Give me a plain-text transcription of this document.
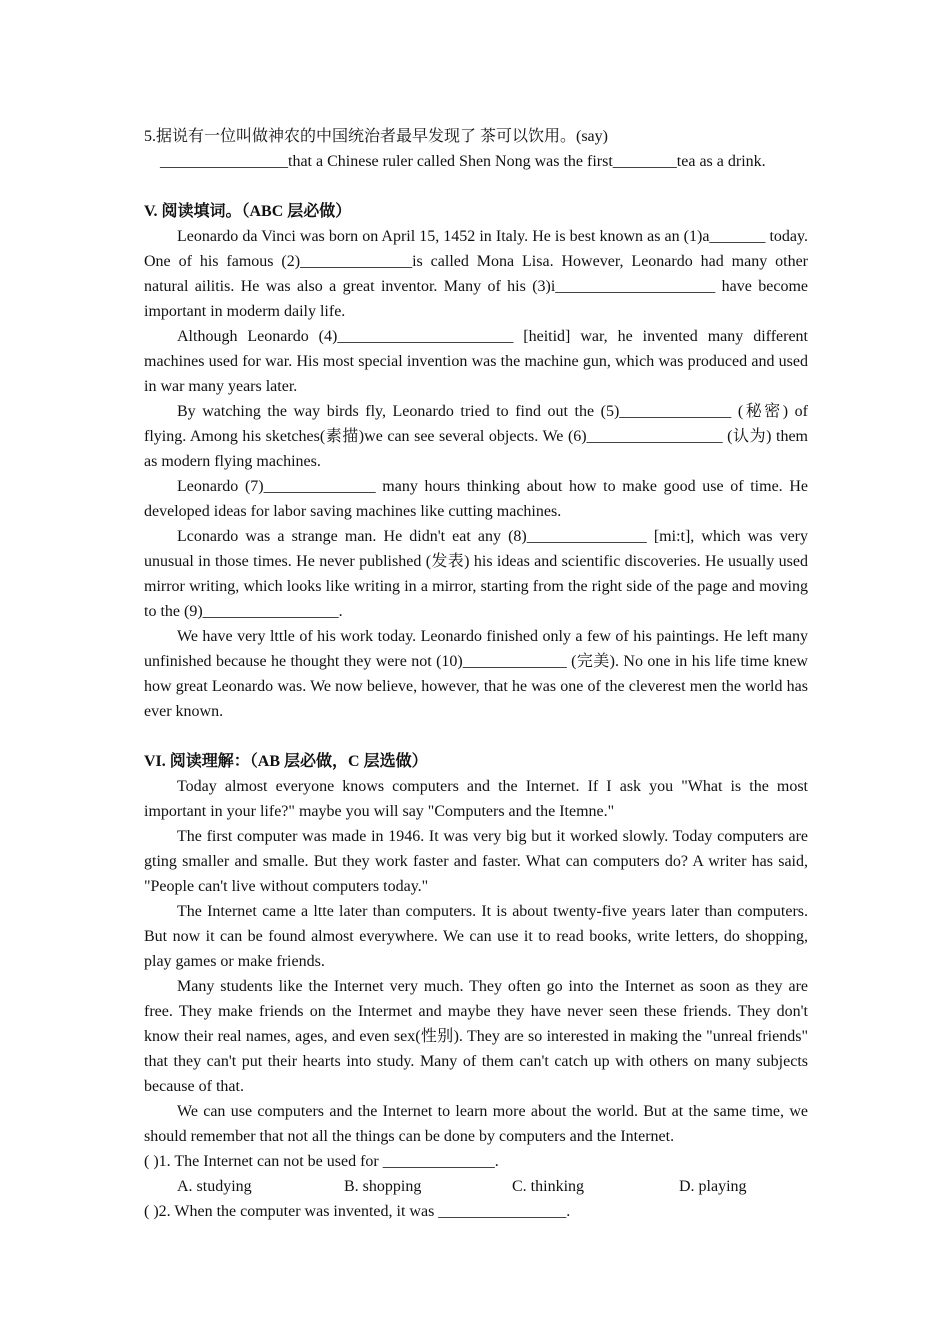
5.据说有一位叫做神农的中国统治者最早发现了 茶可以饮用。(say)
________________that a Chinese ruler called Shen Nong was the first________tea as a drink.
V. 阅读填词。（ABC 层必做）
Leonardo da Vinci was born on April 15, 1452 in Italy. He is best known as an (1)a_______ today. One of his famous (2)______________is called Mona Lisa. However, Leonardo had many other natural ailitis. He was also a great inventor. Many of his (3)i____________________ have become important in moderm daily life.
Although Leonardo (4)______________________ [heitid] war, he invented many different machines used for war. His most special invention was the machine gun, which was produced and used in war many years later.
By watching the way birds fly, Leonardo tried to find out the (5)______________ (秘密) of flying. Among his sketches(素描)we can see several objects. We (6)_________________ (认为) them as modern flying machines.
Leonardo (7)______________ many hours thinking about how to make good use of time. He developed ideas for labor saving machines like cutting machines.
Lconardo was a strange man. He didn't eat any (8)_______________ [mi:t], which was very unusual in those times. He never published (发表) his ideas and scientific discoveries. He usually used mirror writing, which looks like writing in a mirror, starting from the right side of the page and moving to the (9)_________________.
We have very lttle of his work today. Leonardo finished only a few of his paintings. He left many unfinished because he thought they were not (10)_____________ (完美). No one in his life time knew how great Leonardo was. We now believe, however, that he was one of the cleverest men the world has ever known.
VI. 阅读理解：（AB 层必做，C 层选做）
Today almost everyone knows computers and the Internet. If I ask you "What is the most important in your life?" maybe you will say "Computers and the Itemne."
The first computer was made in 1946. It was very big but it worked slowly. Today computers are gting smaller and smalle. But they work faster and faster. What can computers do? A writer has said, "People can't live without computers today."
The Internet came a ltte later than computers. It is about twenty-five years later than computers. But now it can be found almost everywhere. We can use it to read books, write letters, do shopping, play games or make friends.
Many students like the Internet very much. They often go into the Internet as soon as they are free. They make friends on the Intermet and maybe they have never seen these friends. They don't know their real names, ages, and even sex(性别). They are so interested in making the "unreal friends" that they can't put their hearts into study. Many of them can't catch up with others on many subjects because of that.
We can use computers and the Internet to learn more about the world. But at the same time, we should remember that not all the things can be done by computers and the Internet.
( )1. The Internet can not be used for ______________.
A. studying	B. shopping	C. thinking	D. playing
( )2. When the computer was invented, it was ________________.
